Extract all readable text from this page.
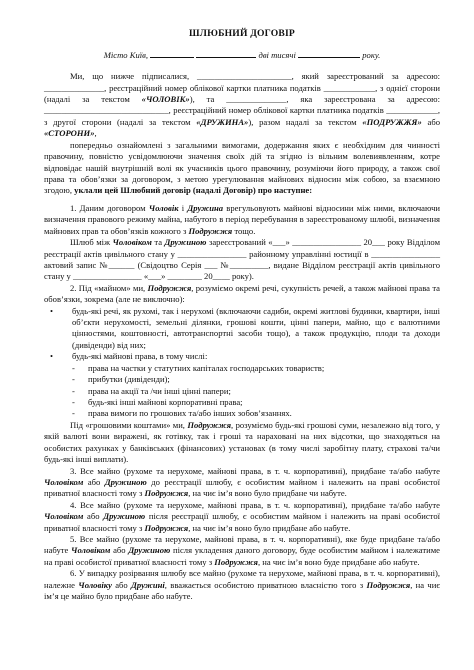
ШЛЮБНИЙ ДОГОВІР
Місто Київ,	дві тисячі	року.

Ми, що нижче підписалися, ______________________, який зареєстрований за адресою: ______________, реєстраційний номер облікової картки платника податків ____________, з однієї сторони (надалі за текстом «ЧОЛОВІК»), та ______________, яка зареєстрована за адресою: _____________________________, реєстраційний номер облікової картки платника податків ____________, з другої сторони (надалі за текстом «ДРУЖИНА»), разом надалі за текстом «ПОДРУЖЖЯ» або «СТОРОНИ»,

попередньо ознайомлені з загальними вимогами, додержання яких є необхідним для чинності правочину, повністю усвідомлюючи значення своїх дій та згідно із вільним волевиявленням, котре відповідає нашій внутрішній волі як учасників цього правочину, розуміючи його природу, а також свої права та обов’язки за договором, з метою урегулювання майнових відносин між собою, за взаємною згодою, уклали цей Шлюбний договір (надалі Договір) про наступне:

1. Даним договором Чоловік і Дружина врегульовують майнові відносини між ними, включаючи визначення правового режиму майна, набутого в період перебування в зареєстрованому шлюбі, визначення майнових прав та обов’язків кожного з Подружжя тощо.

Шлюб між Чоловіком та Дружиною зареєстрований «___» ________________ 20___ року Відділом реєстрації актів цивільного стану у ________________ районному управлінні юстиції в ________________ актовий запис №______ (Свідоцтво Серія ___ №_________, видане Відділом реєстрації актів цивільного стану у ________________ «___» ________ 20____ року).

2. Під «майном» ми, Подружжя, розуміємо окремі речі, сукупність речей, а також майнові права та обов’язки, зокрема (але не виключно):

• будь-які речі, як рухомі, так і нерухомі (включаючи садиби, окремі житлові будинки, квартири, інші об’єкти нерухомості, земельні ділянки, грошові кошти, цінні папери, майно, що є валютними цінностями, коштовності, автотранспортні засоби тощо), а також продукцію, плоди та доходи (дивіденди) від них;
• будь-які майнові права, в тому числі:
- права на частки у статутних капіталах господарських товариств;
- прибутки (дивіденди);
- права на акції та /чи інші цінні папери;
- будь-які інші майнові корпоративні права;
- права вимоги по грошових та/або інших зобов’язаннях.

Під «грошовими коштами» ми, Подружжя, розуміємо будь-які грошові суми, незалежно від того, у якій валюті вони виражені, як готівку, так і гроші та нараховані на них відсотки, що знаходяться на особистих рахунках у банківських (фінансових) установах (в тому числі заробітну плату, страхові та/чи будь-які інші виплати).

3. Все майно (рухоме та нерухоме, майнові права, в т. ч. корпоративні), придбане та/або набуте Чоловіком або Дружиною до реєстрації шлюбу, є особистим майном і належить на праві особистої приватної власності тому з Подружжя, на чиє ім’я воно було придбане чи набуте.

4. Все майно (рухоме та нерухоме, майнові права, в т. ч. корпоративні), придбане та/або набуте Чоловіком або Дружиною після реєстрації шлюбу, є особистим майном і належить на праві особистої приватної власності тому з Подружжя, на чиє ім’я воно було придбане або набуте.

5. Все майно (рухоме та нерухоме, майнові права, в т. ч. корпоративні), яке буде придбане та/або набуте Чоловіком або Дружиною після укладення даного договору, буде особистим майном і належатиме на праві особистої приватної власності тому з Подружжя, на чиє ім’я воно буде придбане або набуте.

6. У випадку розірвання шлюбу все майно (рухоме та нерухоме, майнові права, в т. ч. корпоративні), належне Чоловіку або Дружині, вважається особистою приватною власністю того з Подружжя, на чиє ім’я це майно було придбане або набуте.
